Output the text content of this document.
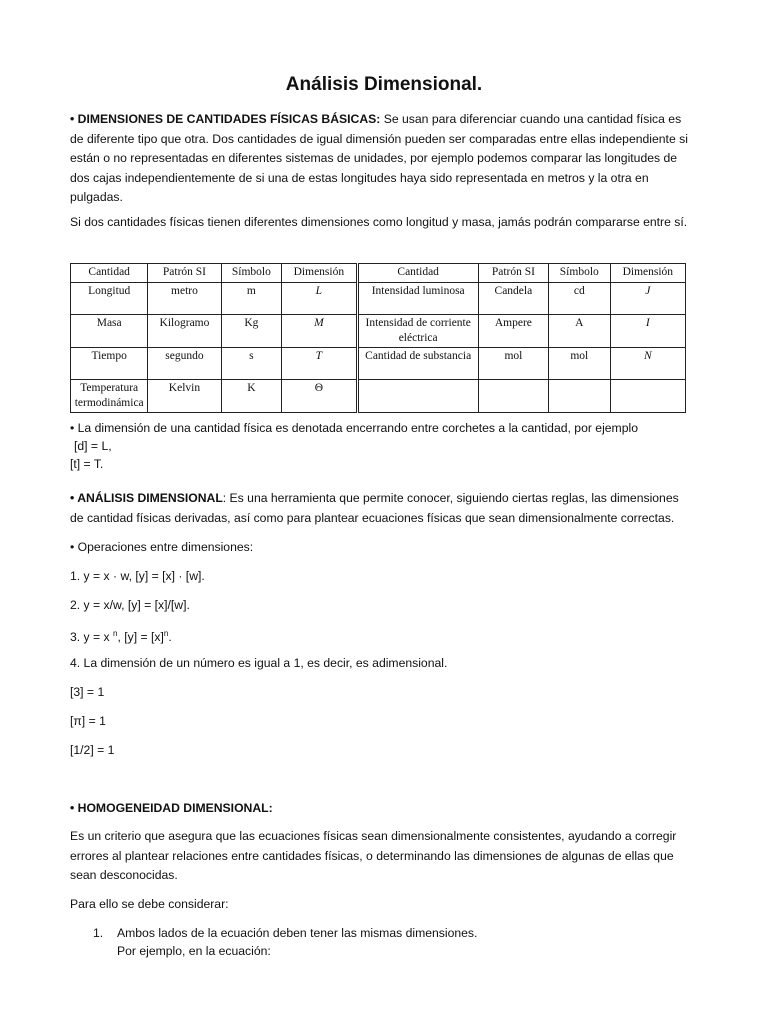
Análisis Dimensional.
• DIMENSIONES DE CANTIDADES FÍSICAS BÁSICAS: Se usan para diferenciar cuando una cantidad física es de diferente tipo que otra. Dos cantidades de igual dimensión pueden ser comparadas entre ellas independiente si están o no representadas en diferentes sistemas de unidades, por ejemplo podemos comparar las longitudes de dos cajas independientemente de si una de estas longitudes haya sido representada en metros y la otra en pulgadas.
Si dos cantidades físicas tienen diferentes dimensiones como longitud y masa, jamás podrán compararse entre sí.
Cantidad	Patrón SI	Símbolo	Dimensión	Cantidad	Patrón SI	Símbolo	Dimensión
Longitud	metro	m	L	Intensidad luminosa	Candela	cd	J
Masa	Kilogramo	Kg	M	Intensidad de corriente eléctrica	Ampere	A	I
Tiempo	segundo	s	T	Cantidad de substancia	mol	mol	N
Temperatura termodinámica	Kelvin	K	Θ				
• La dimensión de una cantidad física es denotada encerrando entre corchetes a la cantidad, por ejemplo
[d] = L,
[t] = T.
• ANÁLISIS DIMENSIONAL: Es una herramienta que permite conocer, siguiendo ciertas reglas, las dimensiones de cantidad físicas derivadas, así como para plantear ecuaciones físicas que sean dimensionalmente correctas.
• Operaciones entre dimensiones:
1. y = x · w, [y] = [x] · [w].
2. y = x/w, [y] = [x]/[w].
3. y = x $^n$, $[y] = [x]^n$.
4. La dimensión de un número es igual a 1, es decir, es adimensional.
[3] = 1
[π] = 1
[1/2] = 1
• HOMOGENEIDAD DIMENSIONAL:
Es un criterio que asegura que las ecuaciones físicas sean dimensionalmente consistentes, ayudando a corregir errores al plantear relaciones entre cantidades físicas, o determinando las dimensiones de algunas de ellas que sean desconocidas.
Para ello se debe considerar:
1. Ambos lados de la ecuación deben tener las mismas dimensiones.
Por ejemplo, en la ecuación:
